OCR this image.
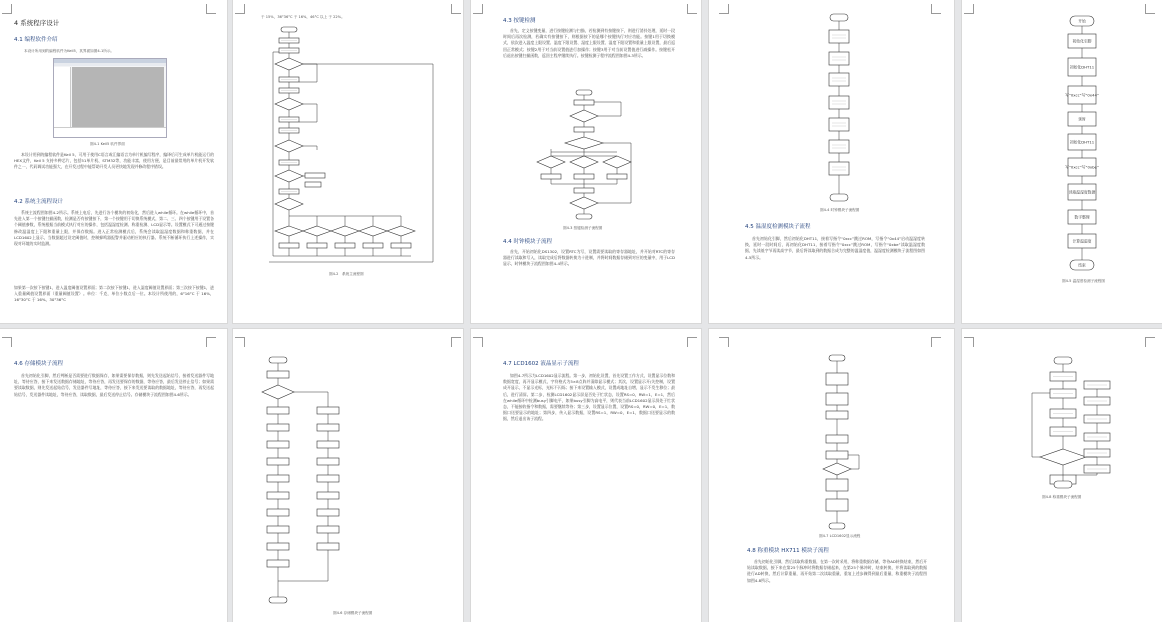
4 系统程序设计
4.1 编程软件介绍
本设计所用到的编程软件为Keil5，其界面如图4-1所示。
图4-1 Keil5 软件界面
本设计用到的编程软件是Keil 5，可用于使用C语言或汇编语言为单片机编写程序，编译后可生成单片机能运行的HEX文件，Keil 5 支持多种芯片，包括51单片机、STM32等，功能丰富，使用方便，是目前最常用的单片机开发软件之一，代码调试功能强大，在开发过程中能帮助开发人员更快地发现并修改程序错误。
4.2 系统主流程设计
系统主流程图如图4-2所示。系统上电后，先进行各个模块的初始化，然后进入while循环。在while循环中，首先进入第一个按键扫描函数，检测是否有按键按下，第一个按键用于切换系统模式，第二、三、四个按键用于设置各个阈值参数，系统根据当前模式执行对应的操作，包括温湿度检测、称重检测、LCD显示等。设置模式下可通过按键修改温湿度上下限和重量上限，并保存数据。进入正常检测模式后，系统会读取温湿度数据和称重数据，并在LCD1602上显示，当数据超过设定阈值时，控制蜂鸣器报警并驱动相应的执行器。系统不断循环执行上述操作，实现对环境的实时监测。
如果第一次按下按键1，进入温度阈值设置界面；第二次按下按键1，进入湿度阈值设置界面；第三次按下按键1，进入重量阈值设置界面（重量阈值设置）。单位：千克，单位小数点后一位。本设计所使用的，6°16°C 于 16%，16°30°C 于 16%，30°36°C
于 15%，36°36°C 于 16%，46°C 以上 于 22%。
图4-2　系统主流程图
4.3 按键检测
首先，定义按键变量，进行按键检测与扫描，若检测到有按键按下，则进行消抖处理，延时一段时间后再次检测，若确实有按键按下，则根据按下的是哪个按键执行对应功能。按键1用于切换模式，依次进入温度上限设置、温度下限设置、湿度上限设置、湿度下限设置和重量上限设置，最后返回正常模式；按键2用于对当前设置值进行加操作；按键3用于对当前设置值进行减操作。按键松开后退出按键扫描函数，返回主程序继续执行。按键检测子程序流程图如图4-3所示。
图4-3 按键检测子流程图
4.4 时钟模块子流程
首先，开始初始化DS1302，设置RTC为写，设置需要读取的寄存器地址，并开始对RTC的寄存器进行读取和写入，读取完成后将数据转换为十进制，并将时间数据存储到对应的变量中，用于LCD显示，时钟模块子流程图如图4-4所示。
图4-4 时钟模块子流程图
4.5 温湿度检测模块子流程
首先初始化引脚，然后初始化DHT11，接着写指令“0xcc”跳过ROM，写指令“0x44”启动温湿度转换，延时一段时间后，再初始化DHT11，接着写指令“0xcc”跳过ROM，写指令“0xbe”读取温湿度数据，先读低字节再读高字节，最后将读取到的数据合成为完整的温湿度值，温湿度检测模块子流程图如图4-5所示。
开始
初始化引脚
初始化DHT11
写“0xcc”写“0x44”
延时
初始化DHT11
写“0xcc”写“0xbe”
读取温湿度数据
数字整理
计算温湿度
结束
图4-5 温湿度检测子流程图
4.6 存储模块子流程
首先初始化引脚，然后判断是否需要进行数据保存，如果需要保存数据，则先发送起始信号，接着发送器件写地址，等待应答，接下来发送数据存储地址，等待应答，再发送要保存的数据，等待应答，最后发送停止信号；如果需要读取数据，则先发送起始信号，发送器件写地址，等待应答，接下来发送要读取的数据地址，等待应答，再发送起始信号，发送器件读地址，等待应答，读取数据，最后发送停止信号。存储模块子流程图如图4-6所示。
图4-6 存储模块子流程图
4.7 LCD1602 液晶显示子流程
如图4-7所示为LCD1602显示流程。第一步，初始化设置，首先设置工作方式，设置显示位数和数据宽度，再开显示模式，字符格式为5×8点阵并清除显示模式；其次，设置显示开/关控制，设置成开显示，不显示光标，光标不闪烁；接下来设置输入模式，设置成地址自增，显示不发生移位；最后，进行清屏。第二步，检测LCD1602显示屏是否处于忙状态，设置RS=0，RW=1，E=1，然后在while循环中检测busy引脚电平，如果busy引脚为高电平，则代表当前LCD1602显示屏处于忙状态，不能接收指令和数据，需要继续等待；第三步，设置显示位置，设置RS=0，RW=0，E=1，数据口送要显示的地址；第四步，传入显示数据，设置RS=1，RW=0，E=1，数据口送要显示的数据，然后退出该子流程。
图4-7 LCD1602显示流程
4.8 称重模块 HX711 模块子流程
首先初始化引脚，然后读取称重数据，在第一次时采用，将称重数据存储，等待AD转换结束，然后开始读取数据，接下来在第25个脉冲时将数据存储起来，在第25个脉冲时，结束转换，并将读取到的数据进行AD转换，然后计算重量，再开始第二次读取重量，重复上述步骤得到最后重量，称重模块子流程图如图4-8所示。
图4-8 称重模块子流程图
